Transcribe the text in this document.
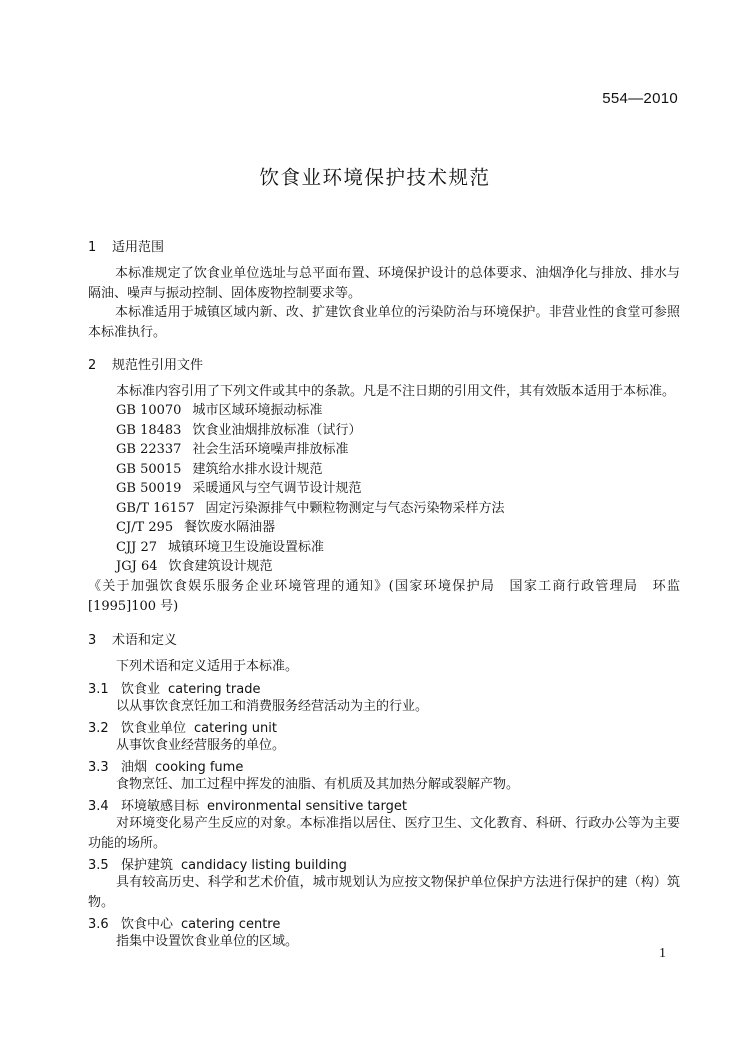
554—2010
饮食业环境保护技术规范
1 适用范围
本标准规定了饮食业单位选址与总平面布置、环境保护设计的总体要求、油烟净化与排放、排水与隔油、噪声与振动控制、固体废物控制要求等。
本标准适用于城镇区域内新、改、扩建饮食业单位的污染防治与环境保护。非营业性的食堂可参照本标准执行。
2 规范性引用文件
本标准内容引用了下列文件或其中的条款。凡是不注日期的引用文件，其有效版本适用于本标准。
GB 10070 城市区域环境振动标准
GB 18483 饮食业油烟排放标准（试行）
GB 22337 社会生活环境噪声排放标准
GB 50015 建筑给水排水设计规范
GB 50019 采暖通风与空气调节设计规范
GB/T 16157 固定污染源排气中颗粒物测定与气态污染物采样方法
CJ/T 295 餐饮废水隔油器
CJJ 27 城镇环境卫生设施设置标准
JGJ 64 饮食建筑设计规范
《关于加强饮食娱乐服务企业环境管理的通知》(国家环境保护局　国家工商行政管理局　环监[1995]100 号)
3 术语和定义
下列术语和定义适用于本标准。
3.1 饮食业 catering trade
以从事饮食烹饪加工和消费服务经营活动为主的行业。
3.2 饮食业单位 catering unit
从事饮食业经营服务的单位。
3.3 油烟 cooking fume
食物烹饪、加工过程中挥发的油脂、有机质及其加热分解或裂解产物。
3.4 环境敏感目标 environmental sensitive target
对环境变化易产生反应的对象。本标准指以居住、医疗卫生、文化教育、科研、行政办公等为主要功能的场所。
3.5 保护建筑 candidacy listing building
具有较高历史、科学和艺术价值，城市规划认为应按文物保护单位保护方法进行保护的建（构）筑物。
3.6 饮食中心 catering centre
指集中设置饮食业单位的区域。
1
